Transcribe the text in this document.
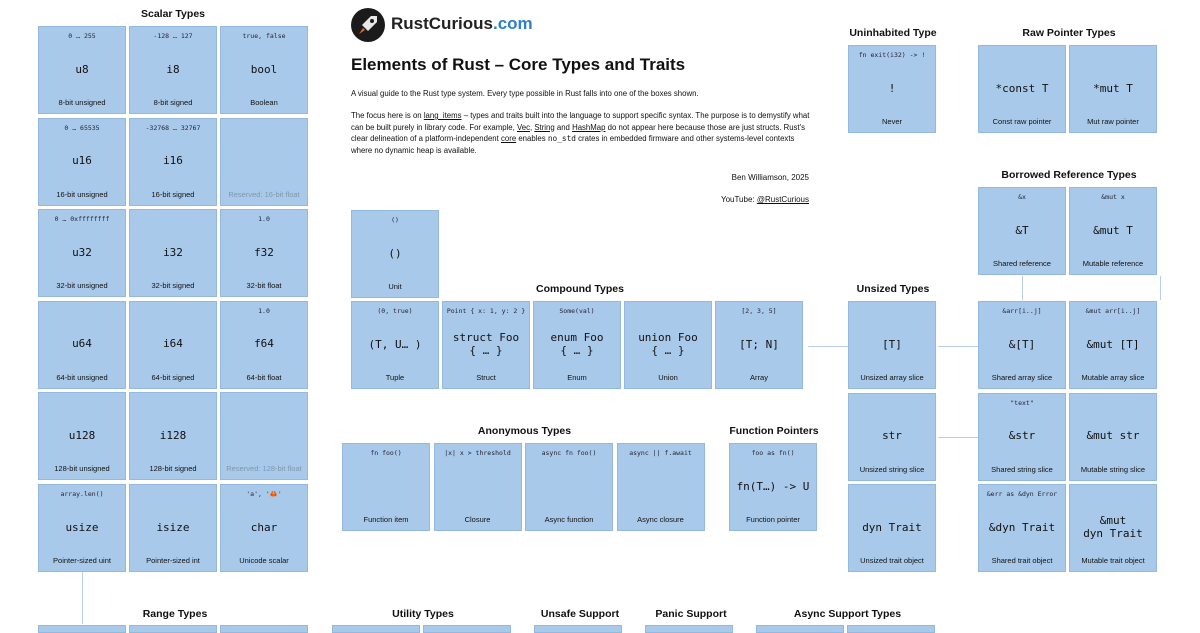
Scalar Types
0 … 255
u8
8-bit unsigned
-128 … 127
i8
8-bit signed
true, false
bool
Boolean
0 … 65535
u16
16-bit unsigned
-32768 … 32767
i16
16-bit signed	Reserved: 16-bit float
0 … 0xffffffff
u32
32-bit unsigned
i32
32-bit signed
1.0
f32
32-bit float
u64
64-bit unsigned
i64
64-bit signed
1.0
f64
64-bit float
u128
128-bit unsigned
i128
128-bit signed	Reserved: 128-bit float
array.len()
usize
Pointer-sized uint
isize
Pointer-sized int
'a', '🦀'
char
Unicode scalar
RustCurious.com
Elements of Rust – Core Types and Traits
A visual guide to the Rust type system. Every type possible in Rust falls into one of the boxes shown.
The focus here is on lang_items – types and traits built into the language to support specific syntax. The purpose is to demystify what can be built purely in library code. For example, Vec, String and HashMap do not appear here because those are just structs. Rust's clear delineation of a platform-independent core enables no_std crates in embedded firmware and other systems-level contexts where no dynamic heap is available.
Ben Williamson, 2025
YouTube: @RustCurious
()
()
Unit	Compound Types
(0, true)
(T, U… )
Tuple
Point { x: 1, y: 2 }
struct Foo
{ … }
Struct
Some(val)
enum Foo
{ … }
Enum
union Foo
{ … }
Union
[2, 3, 5]
[T; N]
Array
Uninhabited Type
fn exit(i32) -> !
!
Never
Raw Pointer Types
*const T
Const raw pointer
*mut T
Mut raw pointer
Borrowed Reference Types
&x
&T
Shared reference
&mut x
&mut T
Mutable reference
Unsized Types
[T]
Unsized array slice
str
Unsized string slice
dyn Trait
Unsized trait object
&arr[i..j]
&[T]
Shared array slice
&mut arr[i..j]
&mut [T]
Mutable array slice
"text"
&str
Shared string slice
&mut str
Mutable string slice
&err as &dyn Error
&dyn Trait
Shared trait object
&mut
dyn Trait
Mutable trait object
Anonymous Types
fn foo()
Function item
|x| x > threshold
Closure
async fn foo()
Async function
async || f.await
Async closure
Function Pointers
foo as fn()
fn(T…) -> U
Function pointer
Range Types	Utility Types	Unsafe Support	Panic Support	Async Support Types
